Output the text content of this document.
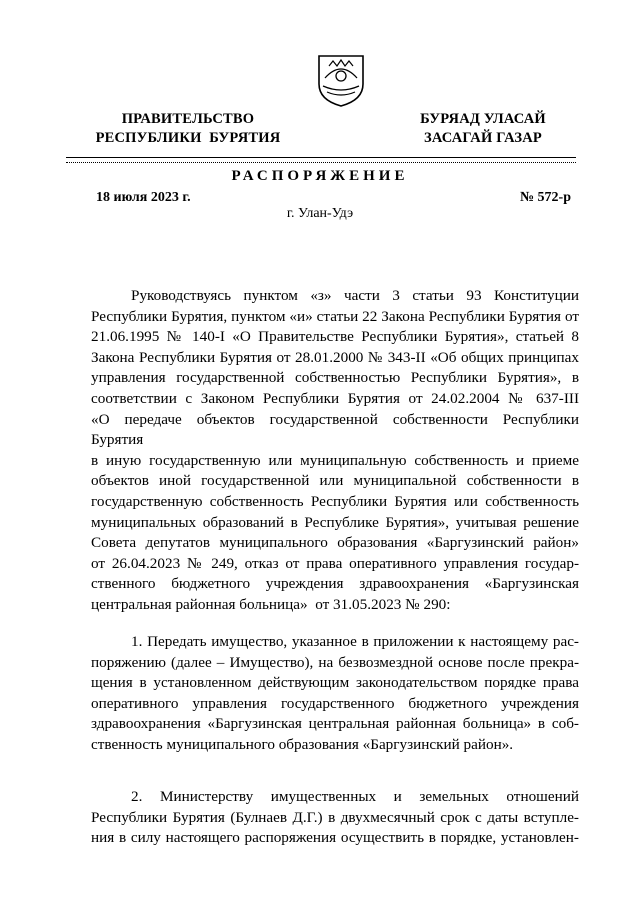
ПРАВИТЕЛЬСТВО
РЕСПУБЛИКИ  БУРЯТИЯ
БУРЯАД УЛАСАЙ
ЗАСАГАЙ ГАЗАР
РАСПОРЯЖЕНИЕ
18 июля 2023 г.	№ 572-р
г. Улан-Удэ
Руководствуясь  пунктом  «з»  части  3  статьи  93  Конституции
Республики Бурятия, пунктом «и» статьи 22 Закона Республики Бурятия от
21.06.1995 № 140-I «О Правительстве Республики Бурятия», статьей 8
Закона Республики Бурятия от 28.01.2000 № 343-II «Об общих принципах
управления государственной собственностью Республики Бурятия», в
соответствии с Законом Республики Бурятия от 24.02.2004 № 637-III
«О передаче объектов государственной собственности Республики Бурятия
в иную государственную или муниципальную собственность и приеме
объектов иной государственной или муниципальной собственности в
государственную собственность Республики Бурятия или собственность
муниципальных образований в Республике Бурятия», учитывая решение
Совета депутатов муниципального образования «Баргузинский район»
от 26.04.2023 № 249, отказ от права оперативного управления государ-
ственного бюджетного учреждения здравоохранения «Баргузинская
центральная районная больница»  от 31.05.2023 № 290:
1. Передать имущество, указанное в приложении к настоящему рас-
поряжению (далее – Имущество), на безвозмездной основе после прекра-
щения в установленном действующим законодательством порядке права
оперативного управления государственного бюджетного учреждения
здравоохранения «Баргузинская центральная районная больница» в соб-
ственность муниципального образования «Баргузинский район».
2.  Министерству  имущественных  и  земельных  отношений
Республики Бурятия (Булнаев Д.Г.) в двухмесячный срок с даты вступле-
ния в силу настоящего распоряжения осуществить в порядке, установлен-
